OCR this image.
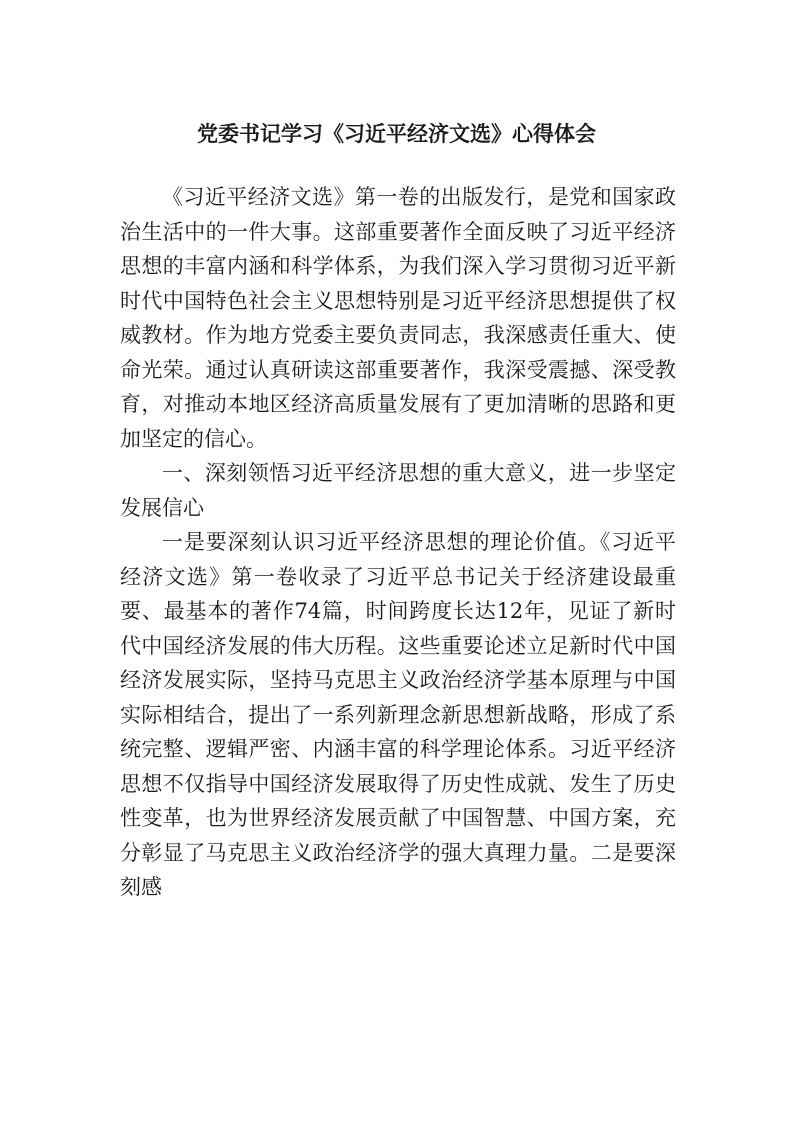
党委书记学习《习近平经济文选》心得体会

《习近平经济文选》第一卷的出版发行，是党和国家政治生活中的一件大事。这部重要著作全面反映了习近平经济思想的丰富内涵和科学体系，为我们深入学习贯彻习近平新时代中国特色社会主义思想特别是习近平经济思想提供了权威教材。作为地方党委主要负责同志，我深感责任重大、使命光荣。通过认真研读这部重要著作，我深受震撼、深受教育，对推动本地区经济高质量发展有了更加清晰的思路和更加坚定的信心。

一、深刻领悟习近平经济思想的重大意义，进一步坚定发展信心

一是要深刻认识习近平经济思想的理论价值。《习近平经济文选》第一卷收录了习近平总书记关于经济建设最重要、最基本的著作74篇，时间跨度长达12年，见证了新时代中国经济发展的伟大历程。这些重要论述立足新时代中国经济发展实际，坚持马克思主义政治经济学基本原理与中国实际相结合，提出了一系列新理念新思想新战略，形成了系统完整、逻辑严密、内涵丰富的科学理论体系。习近平经济思想不仅指导中国经济发展取得了历史性成就、发生了历史性变革，也为世界经济发展贡献了中国智慧、中国方案，充分彰显了马克思主义政治经济学的强大真理力量。二是要深刻感
